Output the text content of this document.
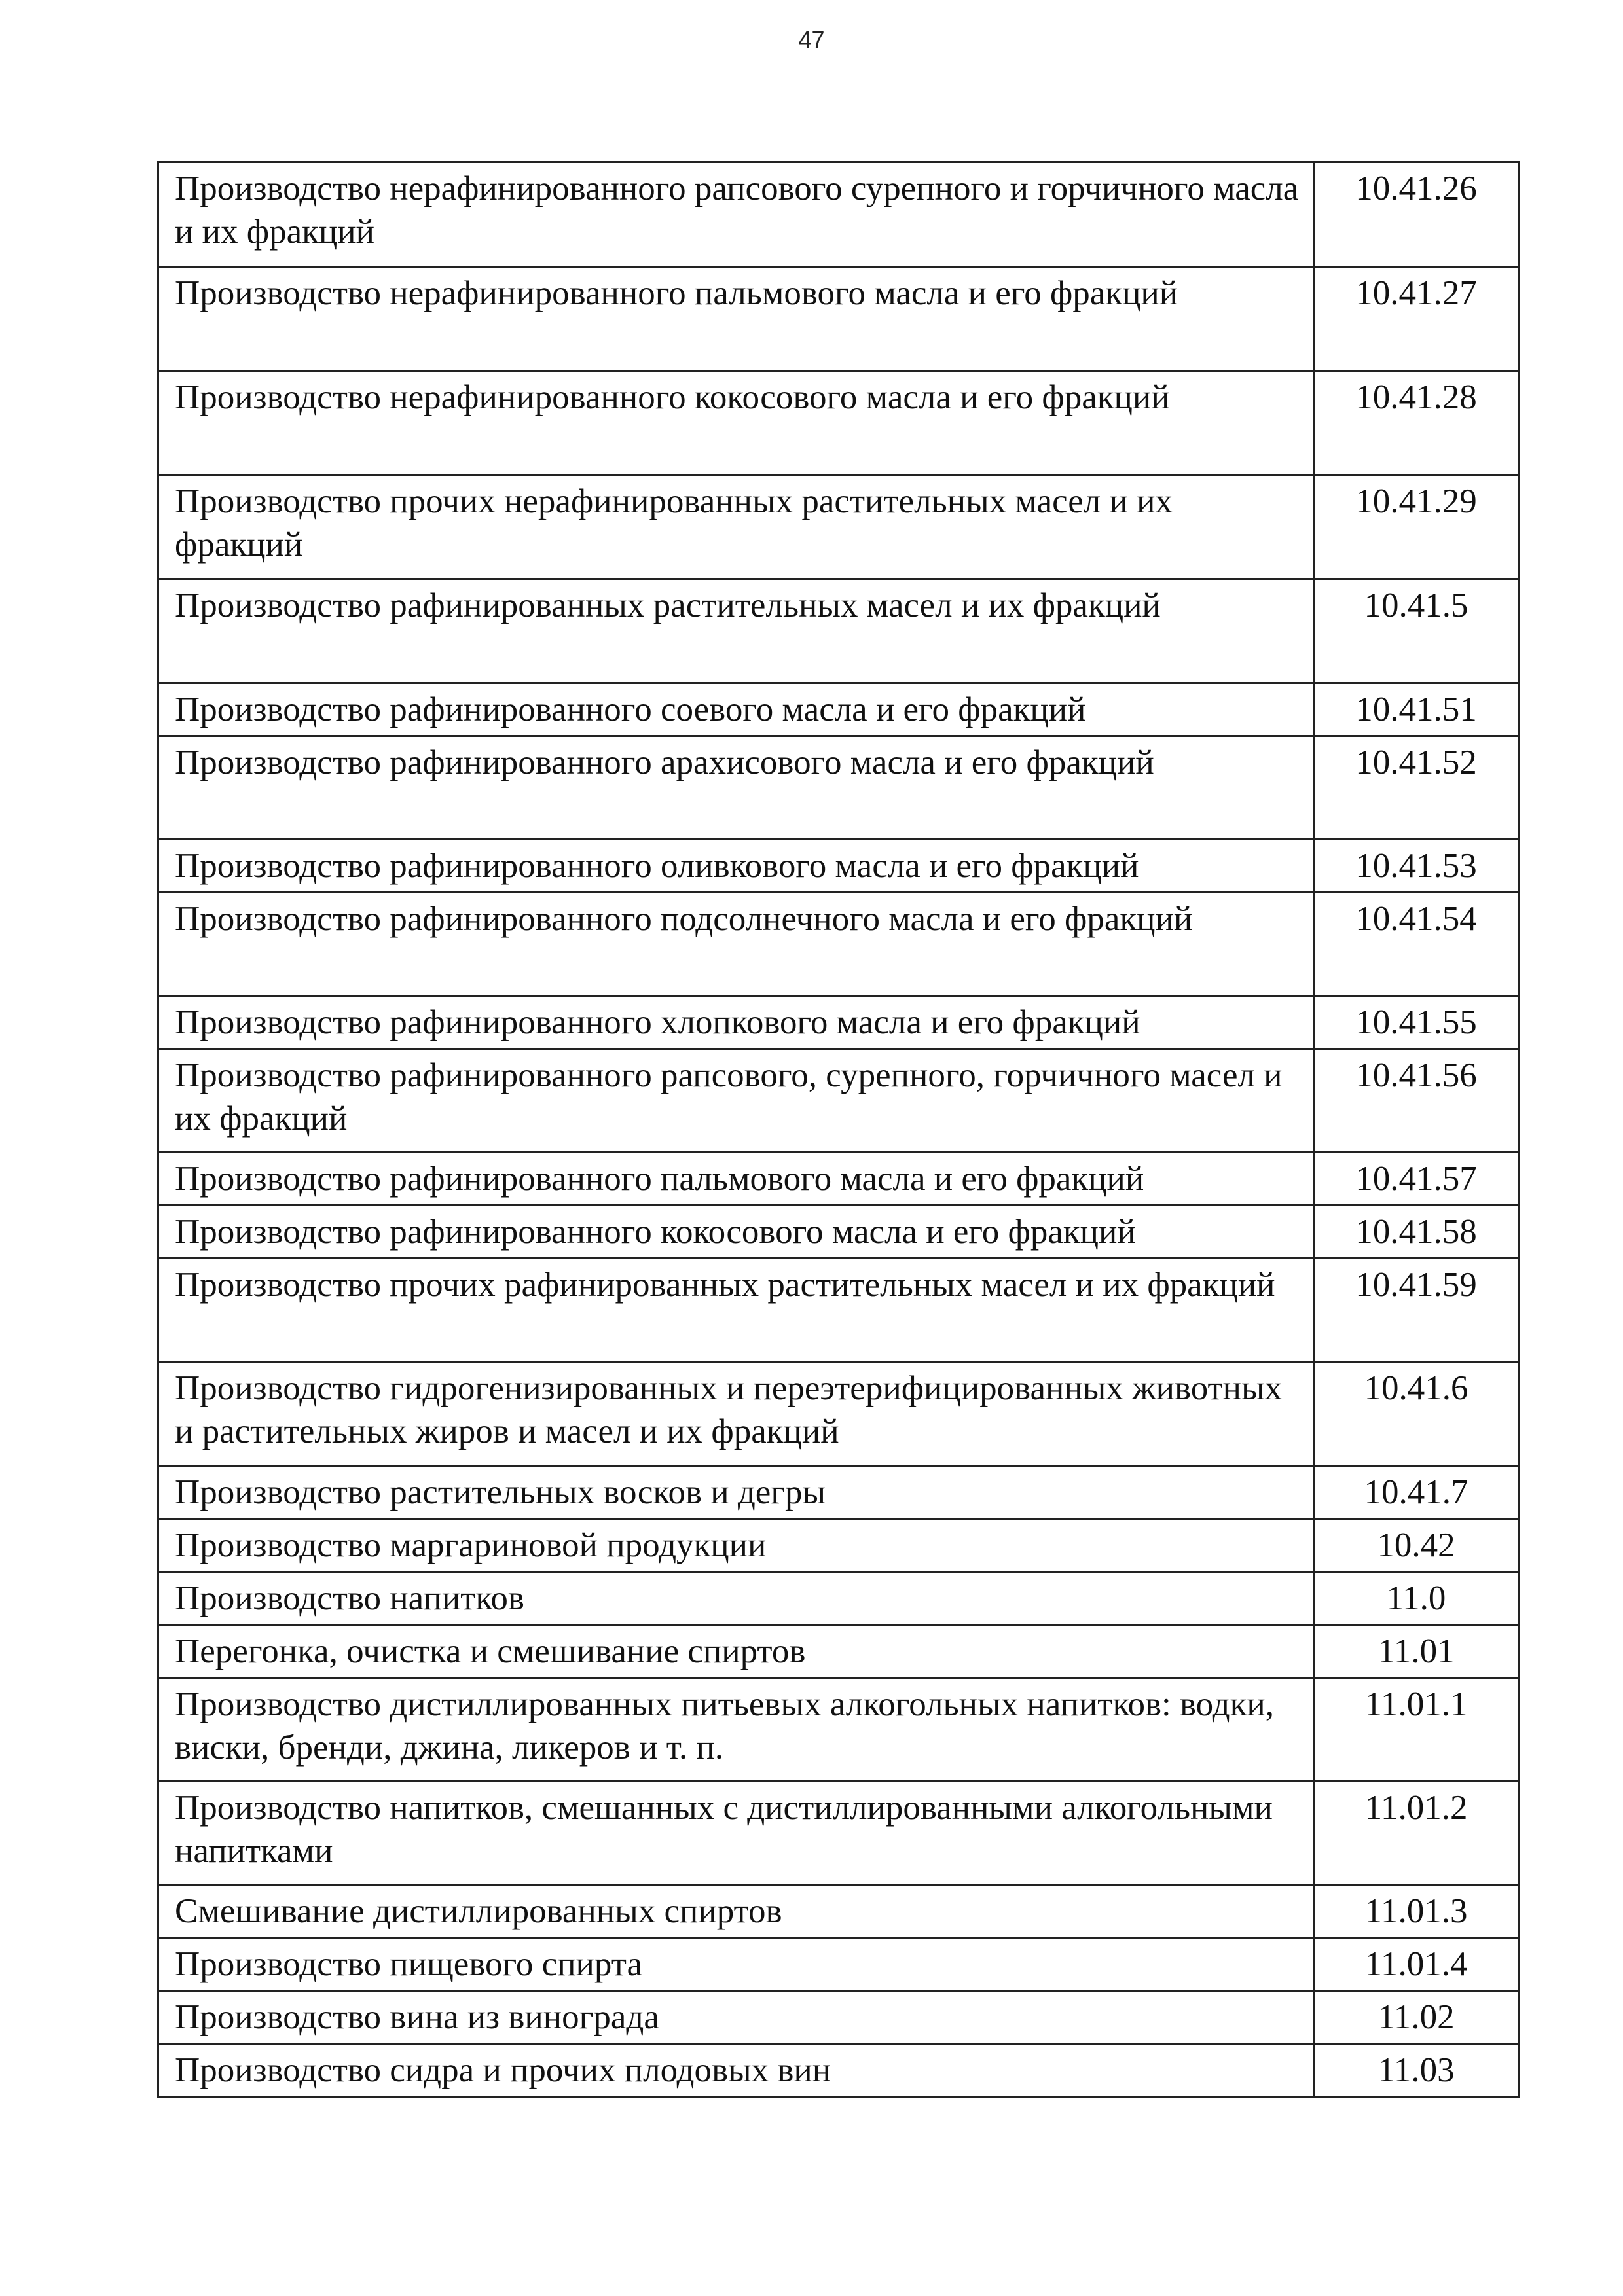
47
Производство нерафинированного рапсового сурепного и горчичного масла и их фракций	10.41.26
Производство нерафинированного пальмового масла и его фракций	10.41.27
Производство нерафинированного кокосового масла и его фракций	10.41.28
Производство прочих нерафинированных растительных масел и их фракций	10.41.29
Производство рафинированных растительных масел и их фракций	10.41.5
Производство рафинированного соевого масла и его фракций	10.41.51
Производство рафинированного арахисового масла и его фракций	10.41.52
Производство рафинированного оливкового масла и его фракций	10.41.53
Производство рафинированного подсолнечного масла и его фракций	10.41.54
Производство рафинированного хлопкового масла и его фракций	10.41.55
Производство рафинированного рапсового, сурепного, горчичного масел и их фракций	10.41.56
Производство рафинированного пальмового масла и его фракций	10.41.57
Производство рафинированного кокосового масла и его фракций	10.41.58
Производство прочих рафинированных растительных масел и их фракций	10.41.59
Производство гидрогенизированных и переэтерифицированных животных и растительных жиров и масел и их фракций	10.41.6
Производство растительных восков и дегры	10.41.7
Производство маргариновой продукции	10.42
Производство напитков	11.0
Перегонка, очистка и смешивание спиртов	11.01
Производство дистиллированных питьевых алкогольных напитков: водки, виски, бренди, джина, ликеров и т. п.	11.01.1
Производство напитков, смешанных с дистиллированными алкогольными напитками	11.01.2
Смешивание дистиллированных спиртов	11.01.3
Производство пищевого спирта	11.01.4
Производство вина из винограда	11.02
Производство сидра и прочих плодовых вин	11.03
